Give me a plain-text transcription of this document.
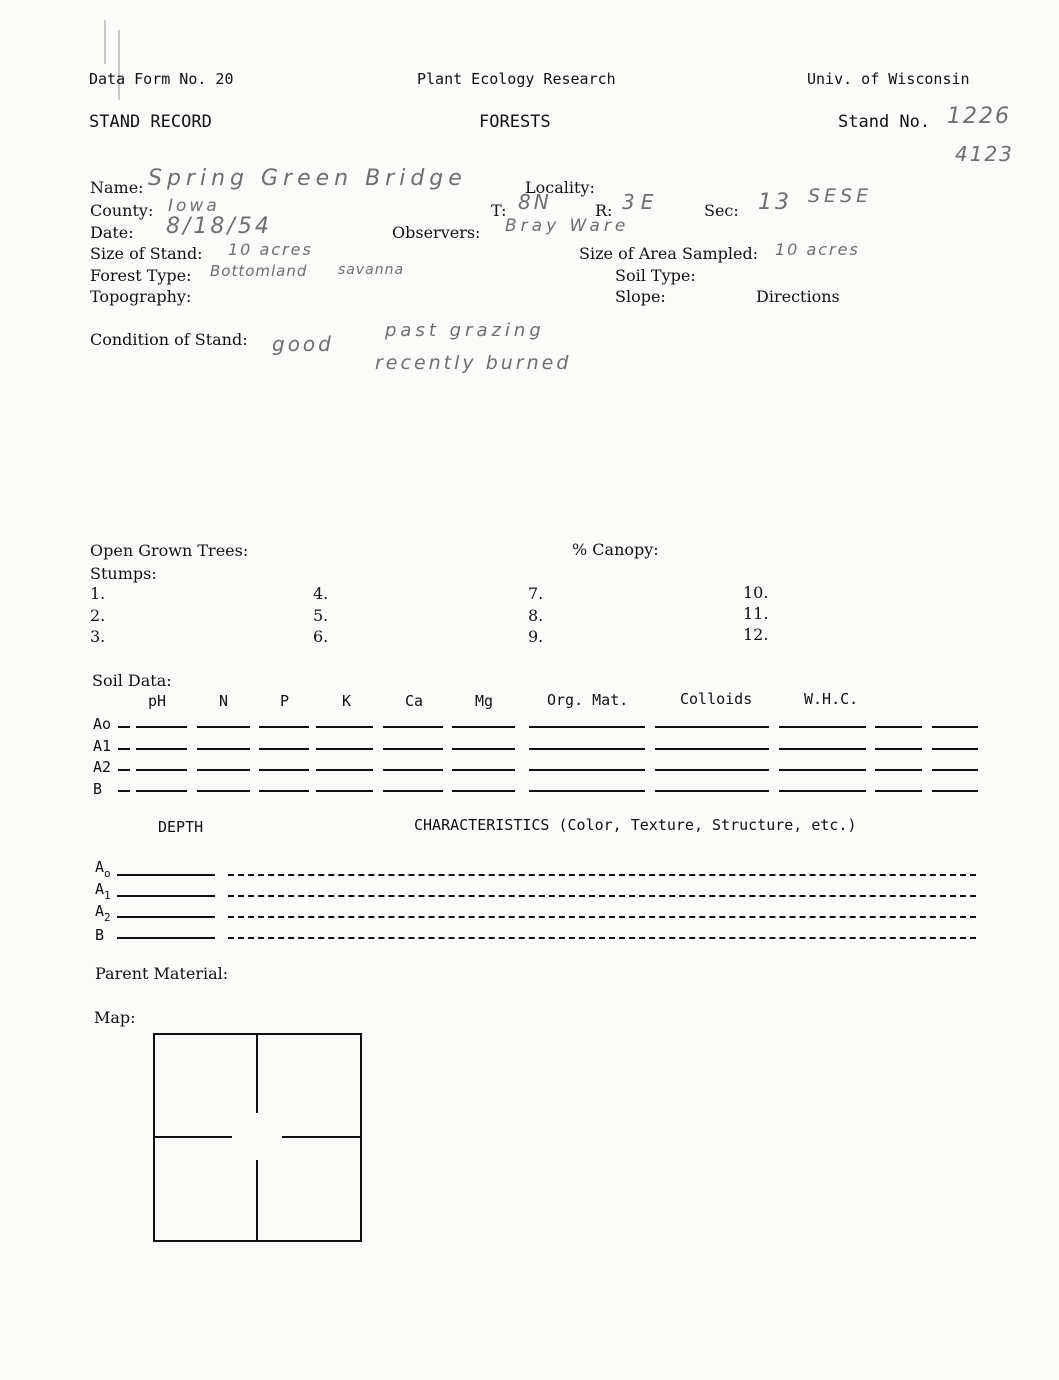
Data Form No. 20	Plant Ecology Research	Univ. of Wisconsin
STAND RECORD	FORESTS	Stand No. 1226
4123
Name: Spring Green Bridge
County: Iowa
Date: 8/18/54
Size of Stand: 10 acres
Forest Type: Bottomland savanna
Topography:
Locality:
T: 8N	R: 3E	Sec: 13 SESE
Observers: Bray Ware
Size of Area Sampled: 10 acres
Soil Type:
Slope:	Directions
Condition of Stand: good
past grazing
recently burned
Open Grown Trees:	% Canopy:
Stumps:
1.
2.
3.
4.
5.
6.
7.
8.
9.
10.
11.
12.
Soil Data:
pH	N	P	K	Ca	Mg	Org. Mat.	Colloids	W.H.C.
Ao
A1
A2
B
DEPTH	CHARACTERISTICS (Color, Texture, Structure, etc.)
$A_o$
$A_1$
$A_2$
B
Parent Material:
Map:
